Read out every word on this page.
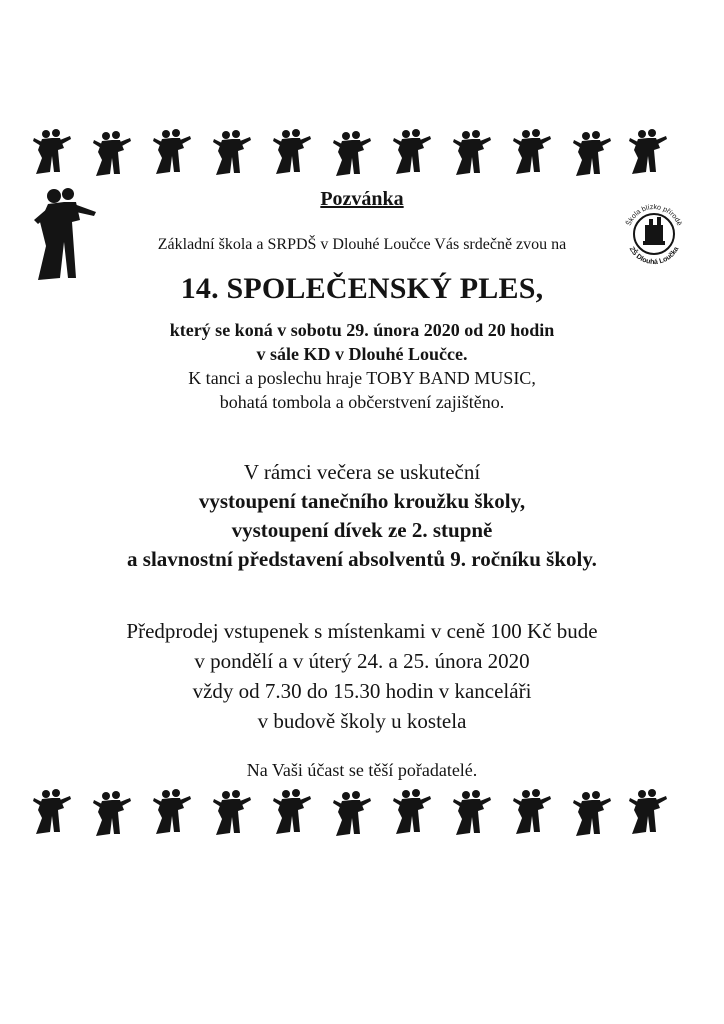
Škola blízko přírodě
ZŠ Dlouhá Loučka
Pozvánka
Základní škola a SRPDŠ v Dlouhé Loučce Vás srdečně zvou na
14. SPOLEČENSKÝ PLES,
který se koná v sobotu 29. února 2020 od 20 hodin
v sále KD v Dlouhé Loučce.
K tanci a poslechu hraje TOBY BAND MUSIC,
bohatá tombola a občerstvení zajištěno.
V rámci večera se uskuteční
vystoupení tanečního kroužku školy,
vystoupení dívek ze 2. stupně
a slavnostní představení absolventů 9. ročníku školy.
Předprodej vstupenek s místenkami v ceně 100 Kč bude
v pondělí a v úterý 24. a 25. února 2020
vždy od 7.30 do 15.30 hodin v kanceláři
v budově školy u kostela
Na Vaši účast se těší pořadatelé.
